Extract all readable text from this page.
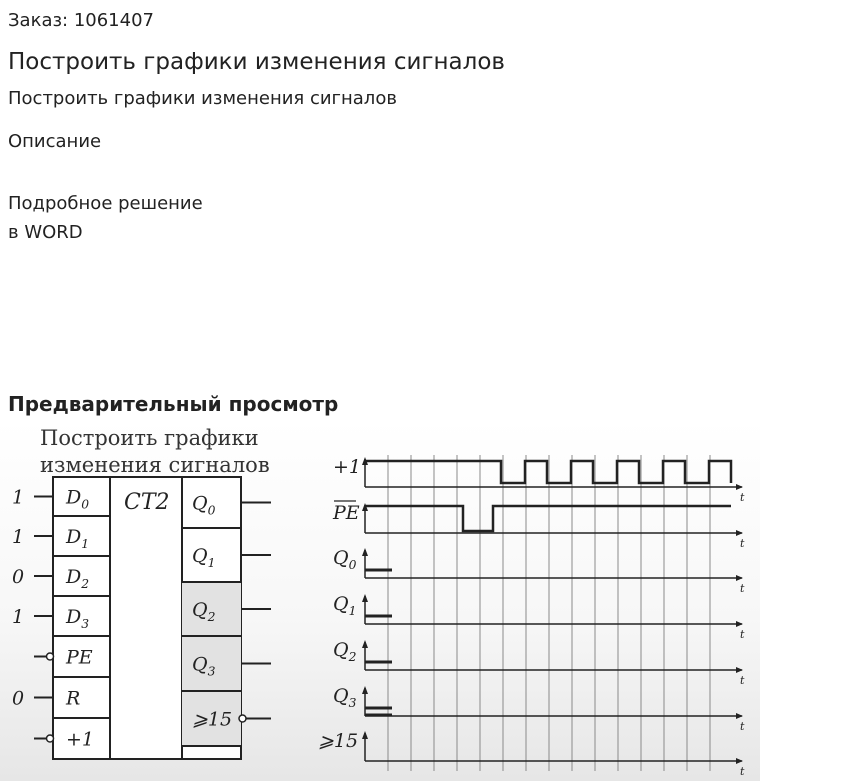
Заказ: 1061407
Построить графики изменения сигналов
Построить графики изменения сигналов
Описание
Подробное решение
в WORD
Предварительный просмотр
Построить графики
изменения сигналов
CT2
1 $D_0$
1 $D_1$
0 $D_2$
1 $D_3$
PE
0 R
+1
$Q_0$
$Q_1$
$Q_2$
$Q_3$
⩾15
t
+1
t
PE
t
$Q_0$
t
$Q_1$
t
$Q_2$
t
$Q_3$
t
⩾15
